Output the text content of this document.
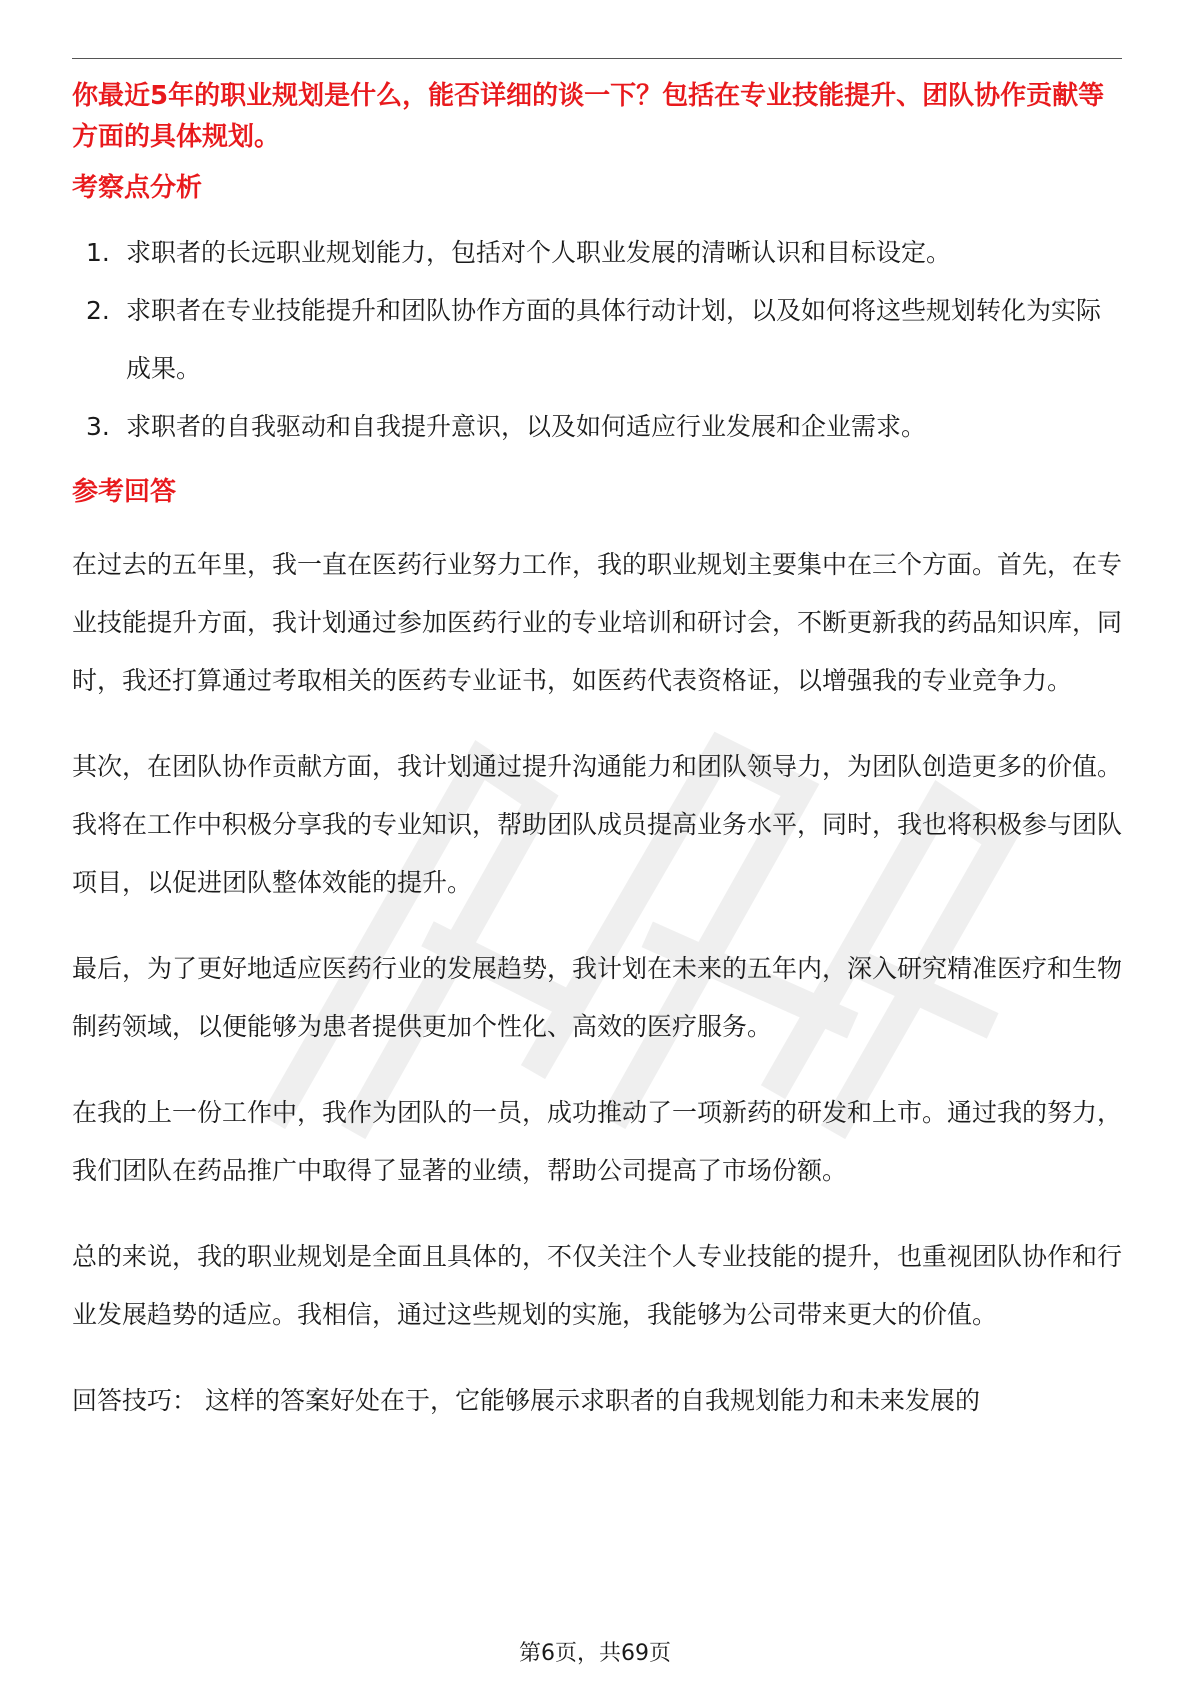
你最近5年的职业规划是什么，能否详细的谈一下？包括在专业技能提升、团队协作贡献等方面的具体规划。

考察点分析
1. 求职者的长远职业规划能力，包括对个人职业发展的清晰认识和目标设定。
2. 求职者在专业技能提升和团队协作方面的具体行动计划，以及如何将这些规划转化为实际成果。
3. 求职者的自我驱动和自我提升意识，以及如何适应行业发展和企业需求。
参考回答

在过去的五年里，我一直在医药行业努力工作，我的职业规划主要集中在三个方面。首先，在专业技能提升方面，我计划通过参加医药行业的专业培训和研讨会，不断更新我的药品知识库，同时，我还打算通过考取相关的医药专业证书，如医药代表资格证，以增强我的专业竞争力。

其次，在团队协作贡献方面，我计划通过提升沟通能力和团队领导力，为团队创造更多的价值。我将在工作中积极分享我的专业知识，帮助团队成员提高业务水平，同时，我也将积极参与团队项目，以促进团队整体效能的提升。

最后，为了更好地适应医药行业的发展趋势，我计划在未来的五年内，深入研究精准医疗和生物制药领域，以便能够为患者提供更加个性化、高效的医疗服务。

在我的上一份工作中，我作为团队的一员，成功推动了一项新药的研发和上市。通过我的努力，我们团队在药品推广中取得了显著的业绩，帮助公司提高了市场份额。

总的来说，我的职业规划是全面且具体的，不仅关注个人专业技能的提升，也重视团队协作和行业发展趋势的适应。我相信，通过这些规划的实施，我能够为公司带来更大的价值。

回答技巧： 这样的答案好处在于，它能够展示求职者的自我规划能力和未来发展的

第6页，共69页
